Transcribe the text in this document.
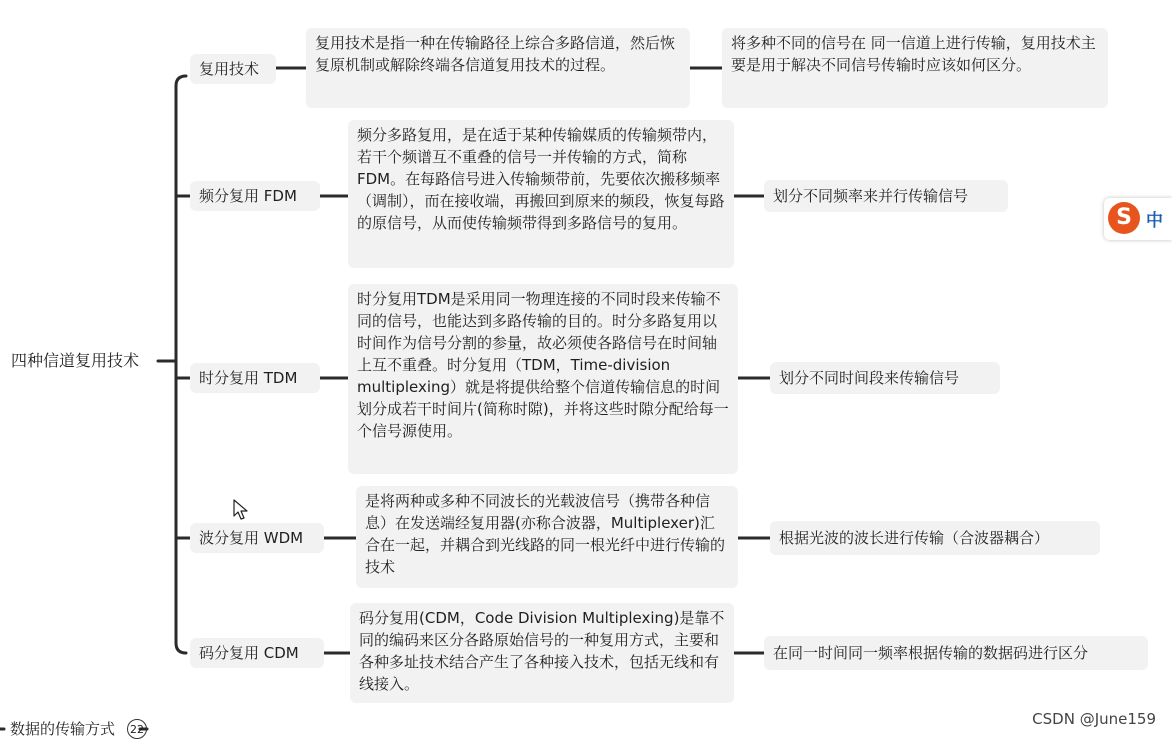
四种信道复用技术
复用技术
复用技术是指一种在传输路径上综合多路信道，然后恢复原机制或解除终端各信道复用技术的过程。
将多种不同的信号在 同一信道上进行传输，复用技术主要是用于解决不同信号传输时应该如何区分。
频分复用 FDM
频分多路复用，是在适于某种传输媒质的传输频带内，若干个频谱互不重叠的信号一并传输的方式，简称FDM。在每路信号进入传输频带前，先要依次搬移频率（调制），而在接收端，再搬回到原来的频段，恢复每路的原信号，从而使传输频带得到多路信号的复用。
划分不同频率来并行传输信号
时分复用 TDM
时分复用TDM是采用同一物理连接的不同时段来传输不同的信号，也能达到多路传输的目的。时分多路复用以时间作为信号分割的参量，故必须使各路信号在时间轴上互不重叠。时分复用（TDM，Time-division multiplexing）就是将提供给整个信道传输信息的时间划分成若干时间片(简称时隙)，并将这些时隙分配给每一个信号源使用。
划分不同时间段来传输信号
波分复用 WDM
是将两种或多种不同波长的光载波信号（携带各种信息）在发送端经复用器(亦称合波器，Multiplexer)汇合在一起，并耦合到光线路的同一根光纤中进行传输的技术
根据光波的波长进行传输（合波器耦合）
码分复用 CDM
码分复用(CDM，Code Division Multiplexing)是靠不同的编码来区分各路原始信号的一种复用方式，主要和各种多址技术结合产生了各种接入技术，包括无线和有线接入。
在同一时间同一频率根据传输的数据码进行区分
数据的传输方式 22
S 中
CSDN @June159
